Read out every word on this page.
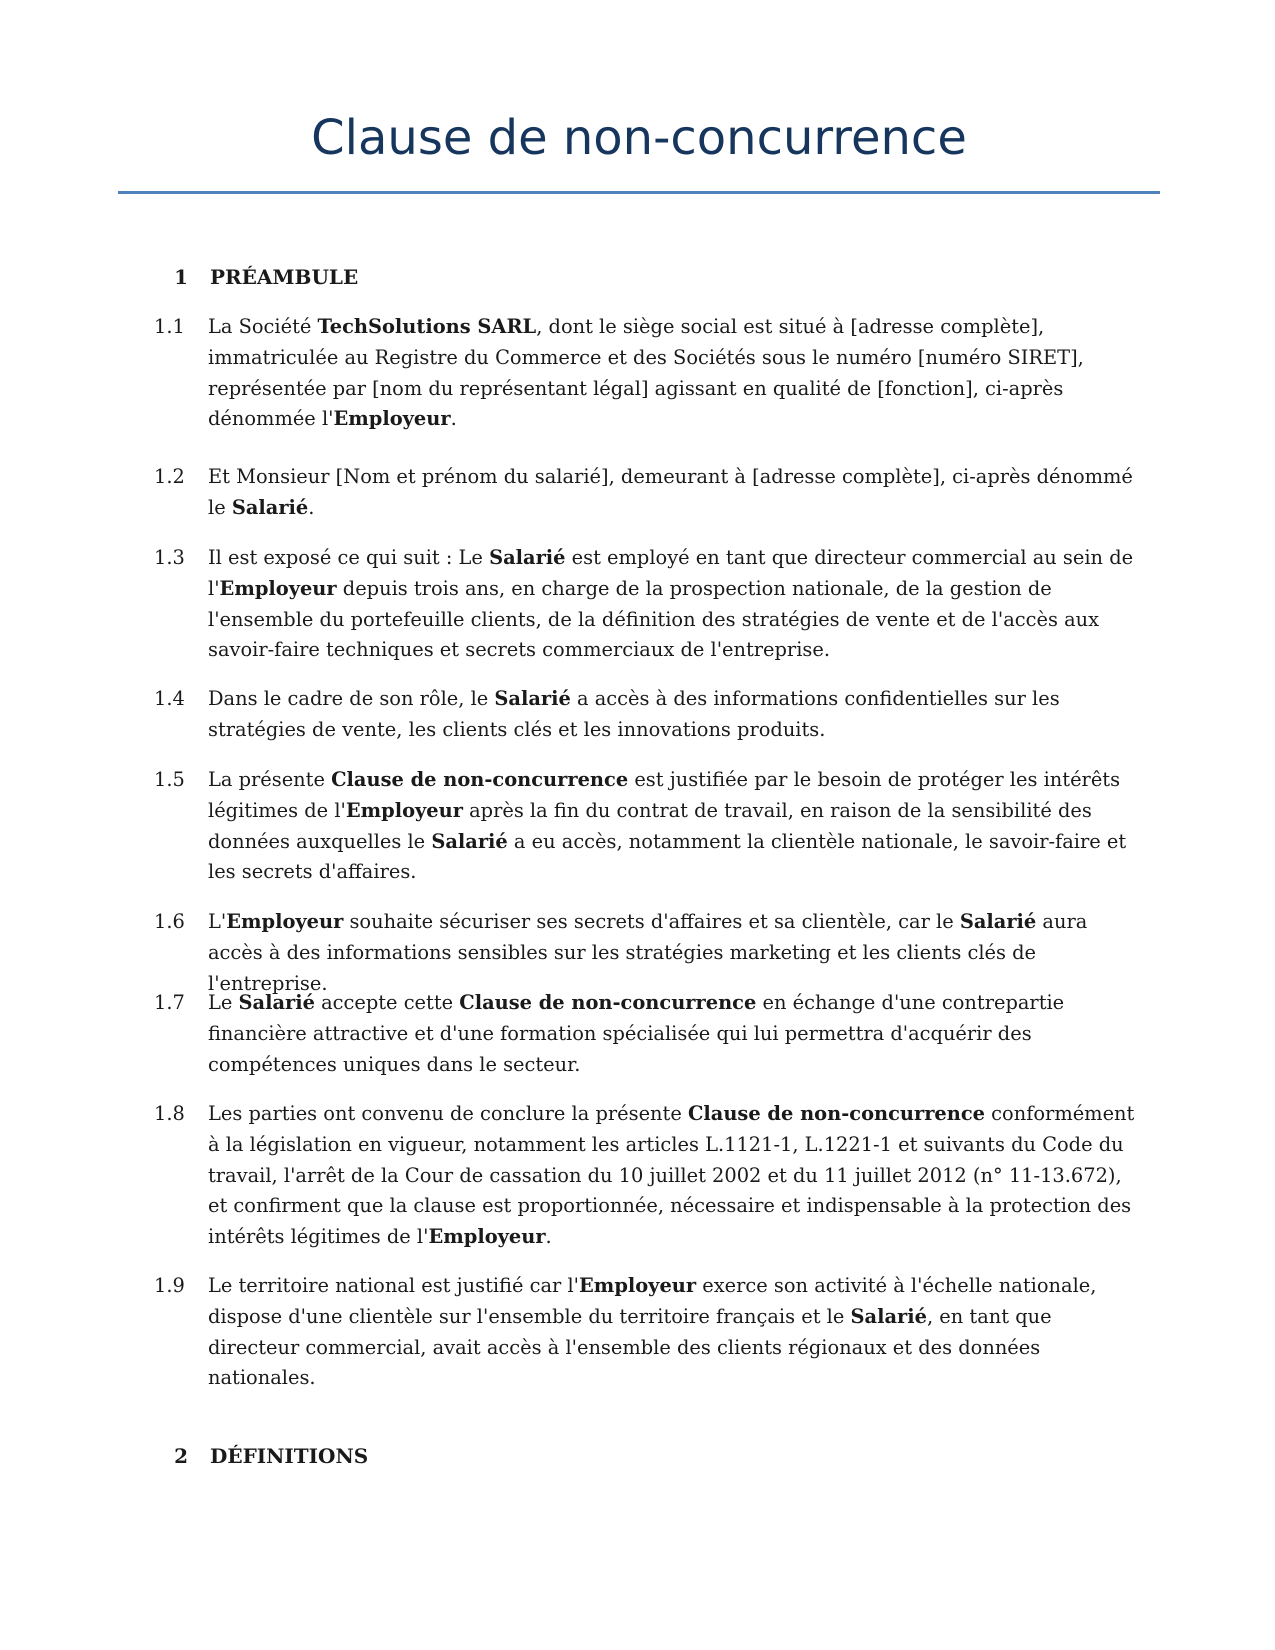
Clause de non-concurrence
1	PRÉAMBULE
1.1	La Société TechSolutions SARL, dont le siège social est situé à [adresse complète], immatriculée au Registre du Commerce et des Sociétés sous le numéro [numéro SIRET], représentée par [nom du représentant légal] agissant en qualité de [fonction], ci-après dénommée l'Employeur.

1.2	Et Monsieur [Nom et prénom du salarié], demeurant à [adresse complète], ci-après dénommé le Salarié.

1.3	Il est exposé ce qui suit : Le Salarié est employé en tant que directeur commercial au sein de l'Employeur depuis trois ans, en charge de la prospection nationale, de la gestion de l'ensemble du portefeuille clients, de la définition des stratégies de vente et de l'accès aux savoir-faire techniques et secrets commerciaux de l'entreprise.

1.4	Dans le cadre de son rôle, le Salarié a accès à des informations confidentielles sur les stratégies de vente, les clients clés et les innovations produits.

1.5	La présente Clause de non-concurrence est justifiée par le besoin de protéger les intérêts légitimes de l'Employeur après la fin du contrat de travail, en raison de la sensibilité des données auxquelles le Salarié a eu accès, notamment la clientèle nationale, le savoir-faire et les secrets d'affaires.

1.6	L'Employeur souhaite sécuriser ses secrets d'affaires et sa clientèle, car le Salarié aura accès à des informations sensibles sur les stratégies marketing et les clients clés de l'entreprise.

1.7	Le Salarié accepte cette Clause de non-concurrence en échange d'une contrepartie financière attractive et d'une formation spécialisée qui lui permettra d'acquérir des compétences uniques dans le secteur.

1.8	Les parties ont convenu de conclure la présente Clause de non-concurrence conformément à la législation en vigueur, notamment les articles L.1121-1, L.1221-1 et suivants du Code du travail, l'arrêt de la Cour de cassation du 10 juillet 2002 et du 11 juillet 2012 (n° 11-13.672), et confirment que la clause est proportionnée, nécessaire et indispensable à la protection des intérêts légitimes de l'Employeur.

1.9	Le territoire national est justifié car l'Employeur exerce son activité à l'échelle nationale, dispose d'une clientèle sur l'ensemble du territoire français et le Salarié, en tant que directeur commercial, avait accès à l'ensemble des clients régionaux et des données nationales.

2	DÉFINITIONS
